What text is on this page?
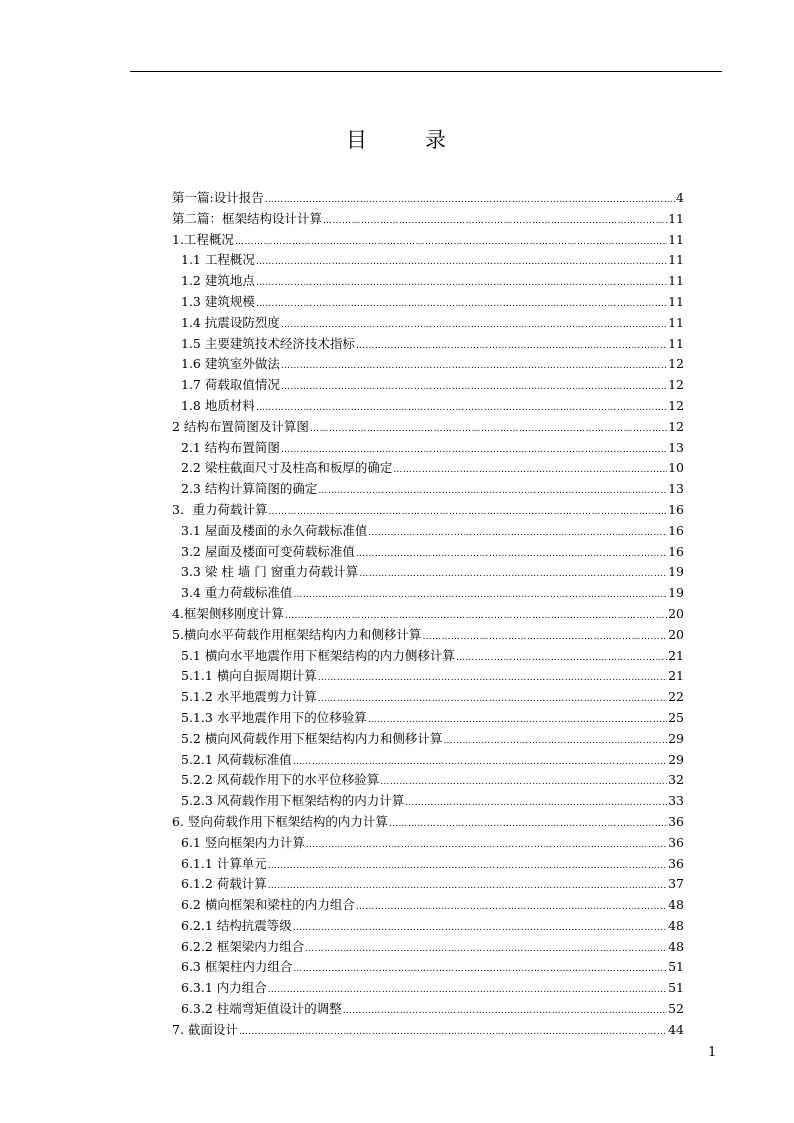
目	录
第一篇:设计报告 ………………………………………………………………………………………………………………………………………………………………………………………………………	4
第二篇：框架结构设计计算 ………………………………………………………………………………………………………………………………………………………………………………………………………	11
1.工程概况 ………………………………………………………………………………………………………………………………………………………………………………………………………	11
1.1 工程概况 ………………………………………………………………………………………………………………………………………………………………………………………………………	11
1.2 建筑地点 ………………………………………………………………………………………………………………………………………………………………………………………………………	11
1.3 建筑规模 ………………………………………………………………………………………………………………………………………………………………………………………………………	11
1.4 抗震设防烈度 ………………………………………………………………………………………………………………………………………………………………………………………………………	11
1.5 主要建筑技术经济技术指标 ………………………………………………………………………………………………………………………………………………………………………………………………………	11
1.6 建筑室外做法 ………………………………………………………………………………………………………………………………………………………………………………………………………	12
1.7 荷载取值情况 ………………………………………………………………………………………………………………………………………………………………………………………………………	12
1.8 地质材料 ………………………………………………………………………………………………………………………………………………………………………………………………………	12
2 结构布置简图及计算图 ………………………………………………………………………………………………………………………………………………………………………………………………………	12
2.1 结构布置简图 ………………………………………………………………………………………………………………………………………………………………………………………………………	13
2.2 梁柱截面尺寸及柱高和板厚的确定 ………………………………………………………………………………………………………………………………………………………………………………………………………	10
2.3 结构计算简图的确定 ………………………………………………………………………………………………………………………………………………………………………………………………………	13
3．重力荷载计算 ………………………………………………………………………………………………………………………………………………………………………………………………………	16
3.1 屋面及楼面的永久荷载标准值 ………………………………………………………………………………………………………………………………………………………………………………………………………	16
3.2 屋面及楼面可变荷载标准值 ………………………………………………………………………………………………………………………………………………………………………………………………………	16
3.3 梁 柱 墙 门 窗重力荷载计算 ………………………………………………………………………………………………………………………………………………………………………………………………………	19
3.4 重力荷载标准值 ………………………………………………………………………………………………………………………………………………………………………………………………………	19
4.框架侧移刚度计算 ………………………………………………………………………………………………………………………………………………………………………………………………………	20
5.横向水平荷载作用框架结构内力和侧移计算 ………………………………………………………………………………………………………………………………………………………………………………………………………	20
5.1 横向水平地震作用下框架结构的内力侧移计算 ………………………………………………………………………………………………………………………………………………………………………………………………………	21
5.1.1 横向自振周期计算 ………………………………………………………………………………………………………………………………………………………………………………………………………	21
5.1.2 水平地震剪力计算 ………………………………………………………………………………………………………………………………………………………………………………………………………	22
5.1.3 水平地震作用下的位移验算 ………………………………………………………………………………………………………………………………………………………………………………………………………	25
5.2 横向风荷载作用下框架结构内力和侧移计算 ………………………………………………………………………………………………………………………………………………………………………………………………………	29
5.2.1 风荷载标准值 ………………………………………………………………………………………………………………………………………………………………………………………………………	29
5.2.2 风荷载作用下的水平位移验算 ………………………………………………………………………………………………………………………………………………………………………………………………………	32
5.2.3 风荷载作用下框架结构的内力计算 ………………………………………………………………………………………………………………………………………………………………………………………………………	33
6. 竖向荷载作用下框架结构的内力计算 ………………………………………………………………………………………………………………………………………………………………………………………………………	36
6.1 竖向框架内力计算 ………………………………………………………………………………………………………………………………………………………………………………………………………	36
6.1.1 计算单元 ………………………………………………………………………………………………………………………………………………………………………………………………………	36
6.1.2 荷载计算 ………………………………………………………………………………………………………………………………………………………………………………………………………	37
6.2 横向框架和梁柱的内力组合 ………………………………………………………………………………………………………………………………………………………………………………………………………	48
6.2.1 结构抗震等级 ………………………………………………………………………………………………………………………………………………………………………………………………………	48
6.2.2 框架梁内力组合 ………………………………………………………………………………………………………………………………………………………………………………………………………	48
6.3 框架柱内力组合 ………………………………………………………………………………………………………………………………………………………………………………………………………	51
6.3.1 内力组合 ………………………………………………………………………………………………………………………………………………………………………………………………………	51
6.3.2 柱端弯矩值设计的调整 ………………………………………………………………………………………………………………………………………………………………………………………………………	52
7. 截面设计 ………………………………………………………………………………………………………………………………………………………………………………………………………	44
1
